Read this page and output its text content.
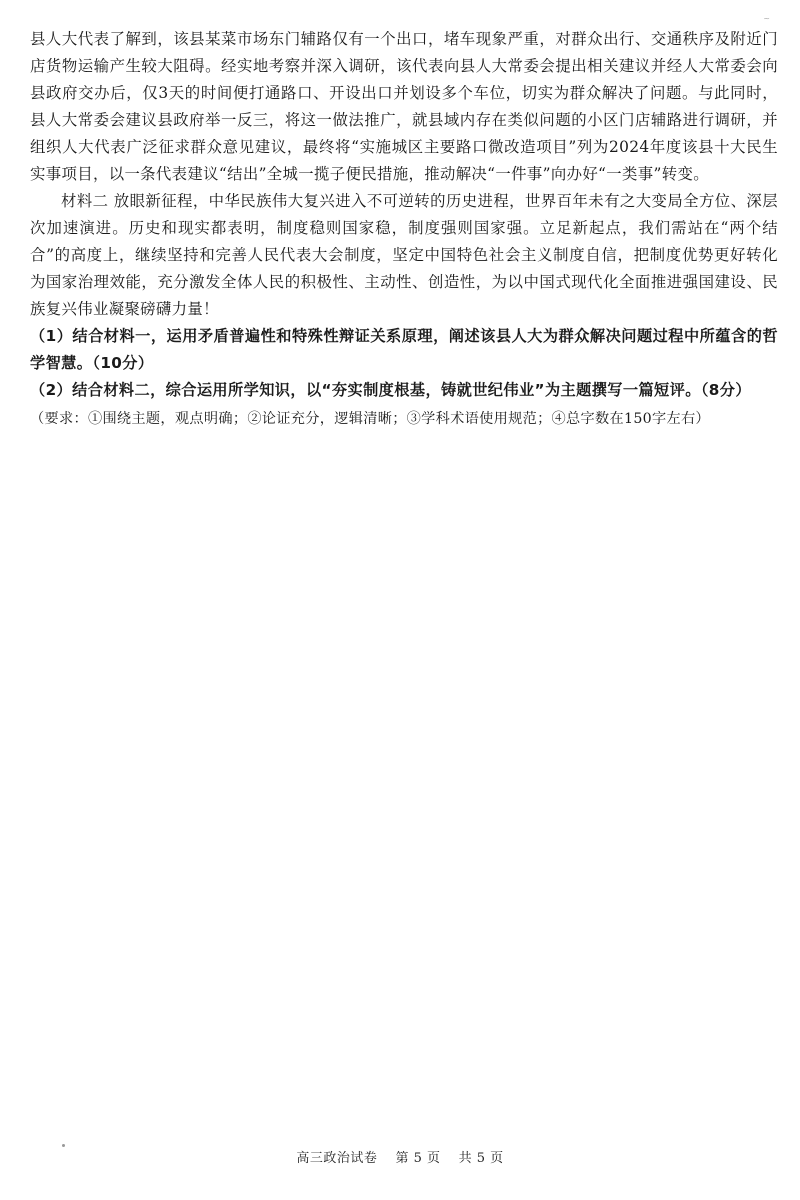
~

县人大代表了解到，该县某菜市场东门辅路仅有一个出口，堵车现象严重，对群众出行、交通秩序及附近门店货物运输产生较大阻碍。经实地考察并深入调研，该代表向县人大常委会提出相关建议并经人大常委会向县政府交办后，仅3天的时间便打通路口、开设出口并划设多个车位，切实为群众解决了问题。与此同时，县人大常委会建议县政府举一反三，将这一做法推广，就县域内存在类似问题的小区门店辅路进行调研，并组织人大代表广泛征求群众意见建议，最终将“实施城区主要路口微改造项目”列为2024年度该县十大民生实事项目，以一条代表建议“结出”全城一揽子便民措施，推动解决“一件事”向办好“一类事”转变。

材料二 放眼新征程，中华民族伟大复兴进入不可逆转的历史进程，世界百年未有之大变局全方位、深层次加速演进。历史和现实都表明，制度稳则国家稳，制度强则国家强。立足新起点，我们需站在“两个结合”的高度上，继续坚持和完善人民代表大会制度，坚定中国特色社会主义制度自信，把制度优势更好转化为国家治理效能，充分激发全体人民的积极性、主动性、创造性，为以中国式现代化全面推进强国建设、民族复兴伟业凝聚磅礴力量！

（1）结合材料一，运用矛盾普遍性和特殊性辩证关系原理，阐述该县人大为群众解决问题过程中所蕴含的哲学智慧。（10分）

（2）结合材料二，综合运用所学知识，以“夯实制度根基，铸就世纪伟业”为主题撰写一篇短评。（8分）

（要求：①围绕主题，观点明确；②论证充分，逻辑清晰；③学科术语使用规范；④总字数在150字左右）

高三政治试卷　 第 5 页　 共 5 页
